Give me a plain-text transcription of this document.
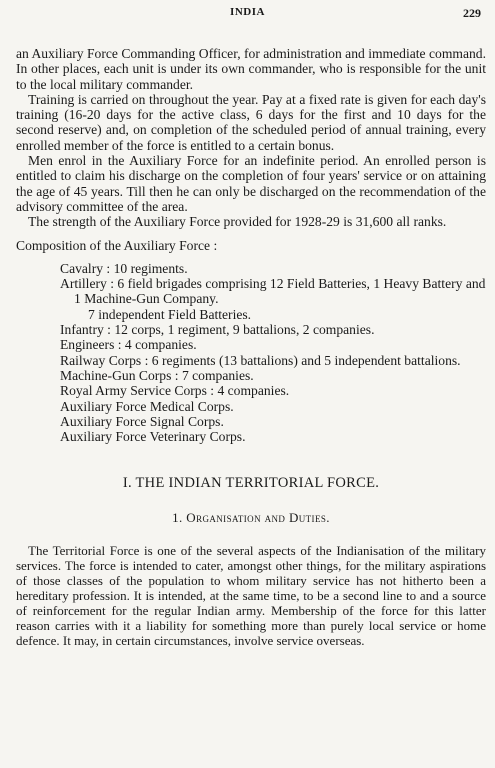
INDIA	229

an Auxiliary Force Commanding Officer, for administration and immediate command. In other places, each unit is under its own commander, who is responsible for the unit to the local military commander.

Training is carried on throughout the year. Pay at a fixed rate is given for each day's training (16-20 days for the active class, 6 days for the first and 10 days for the second reserve) and, on completion of the scheduled period of annual training, every enrolled member of the force is entitled to a certain bonus.

Men enrol in the Auxiliary Force for an indefinite period. An enrolled person is entitled to claim his discharge on the completion of four years' service or on attaining the age of 45 years. Till then he can only be discharged on the recommendation of the advisory committee of the area.

The strength of the Auxiliary Force provided for 1928-29 is 31,600 all ranks.

Composition of the Auxiliary Force :

Cavalry : 10 regiments.

Artillery : 6 field brigades comprising 12 Field Batteries, 1 Heavy Battery and 1 Machine-Gun Company.

7 independent Field Batteries.

Infantry : 12 corps, 1 regiment, 9 battalions, 2 companies.

Engineers : 4 companies.

Railway Corps : 6 regiments (13 battalions) and 5 independent battalions.

Machine-Gun Corps : 7 companies.

Royal Army Service Corps : 4 companies.

Auxiliary Force Medical Corps.

Auxiliary Force Signal Corps.

Auxiliary Force Veterinary Corps.

I. THE INDIAN TERRITORIAL FORCE.
1. Organisation and Duties.

The Territorial Force is one of the several aspects of the Indianisation of the military services. The force is intended to cater, amongst other things, for the military aspirations of those classes of the population to whom military service has not hitherto been a hereditary profession. It is intended, at the same time, to be a second line to and a source of reinforcement for the regular Indian army. Membership of the force for this latter reason carries with it a liability for something more than purely local service or home defence. It may, in certain circumstances, involve service overseas.
